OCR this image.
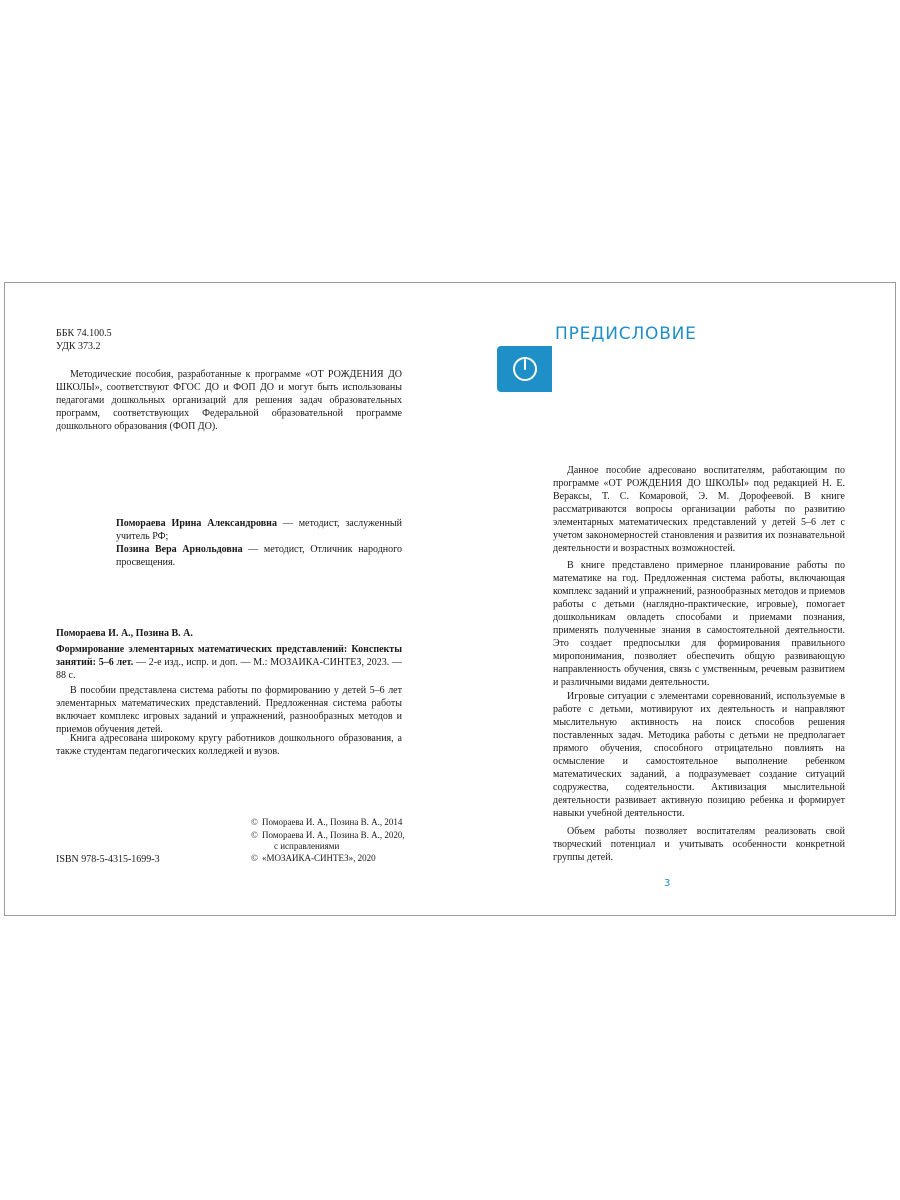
ББК 74.100.5

УДК 373.2

Методические пособия, разработанные к программе «ОТ РОЖДЕНИЯ ДО ШКОЛЫ», соответствуют ФГОС ДО и ФОП ДО и могут быть использованы педагогами дошкольных организаций для решения задач образовательных программ, соответствующих Федеральной образовательной программе дошкольного образования (ФОП ДО).

Помораева Ирина Александровна — методист, заслуженный учитель РФ;

Позина Вера Арнольдовна — методист, Отличник народного просвещения.

Помораева И. А., Позина В. А.

Формирование элементарных математических представлений: Конспекты занятий: 5–6 лет. — 2-е изд., испр. и доп. — М.: МОЗАИКА-СИНТЕЗ, 2023. — 88 с.

В пособии представлена система работы по формированию у детей 5–6 лет элементарных математических представлений. Предложенная система работы включает комплекс игровых заданий и упражнений, разнообразных методов и приемов обучения детей.

Книга адресована широкому кругу работников дошкольного образования, а также студентам педагогических колледжей и вузов.

ISBN 978-5-4315-1699-3

© Помораева И. А., Позина В. А., 2014

© Помораева И. А., Позина В. А., 2020,

с исправлениями

© «МОЗАИКА-СИНТЕЗ», 2020

ПРЕДИСЛОВИЕ

Данное пособие адресовано воспитателям, работающим по программе «ОТ РОЖДЕНИЯ ДО ШКОЛЫ» под редакцией Н. Е. Вераксы, Т. С. Комаровой, Э. М. Дорофеевой. В книге рассматриваются вопросы организации работы по развитию элементарных математических представлений у детей 5–6 лет с учетом закономерностей становления и развития их познавательной деятельности и возрастных возможностей.

В книге представлено примерное планирование работы по математике на год. Предложенная система работы, включающая комплекс заданий и упражнений, разнообразных методов и приемов работы с детьми (наглядно-практические, игровые), помогает дошкольникам овладеть способами и приемами познания, применять полученные знания в самостоятельной деятельности. Это создает предпосылки для формирования правильного миропонимания, позволяет обеспечить общую развивающую направленность обучения, связь с умственным, речевым развитием и различными видами деятельности.

Игровые ситуации с элементами соревнований, используемые в работе с детьми, мотивируют их деятельность и направляют мыслительную активность на поиск способов решения поставленных задач. Методика работы с детьми не предполагает прямого обучения, способного отрицательно повлиять на осмысление и самостоятельное выполнение ребенком математических заданий, а подразумевает создание ситуаций содружества, содеятельности. Активизация мыслительной деятельности развивает активную позицию ребенка и формирует навыки учебной деятельности.

Объем работы позволяет воспитателям реализовать свой творческий потенциал и учитывать особенности конкретной группы детей.

3
